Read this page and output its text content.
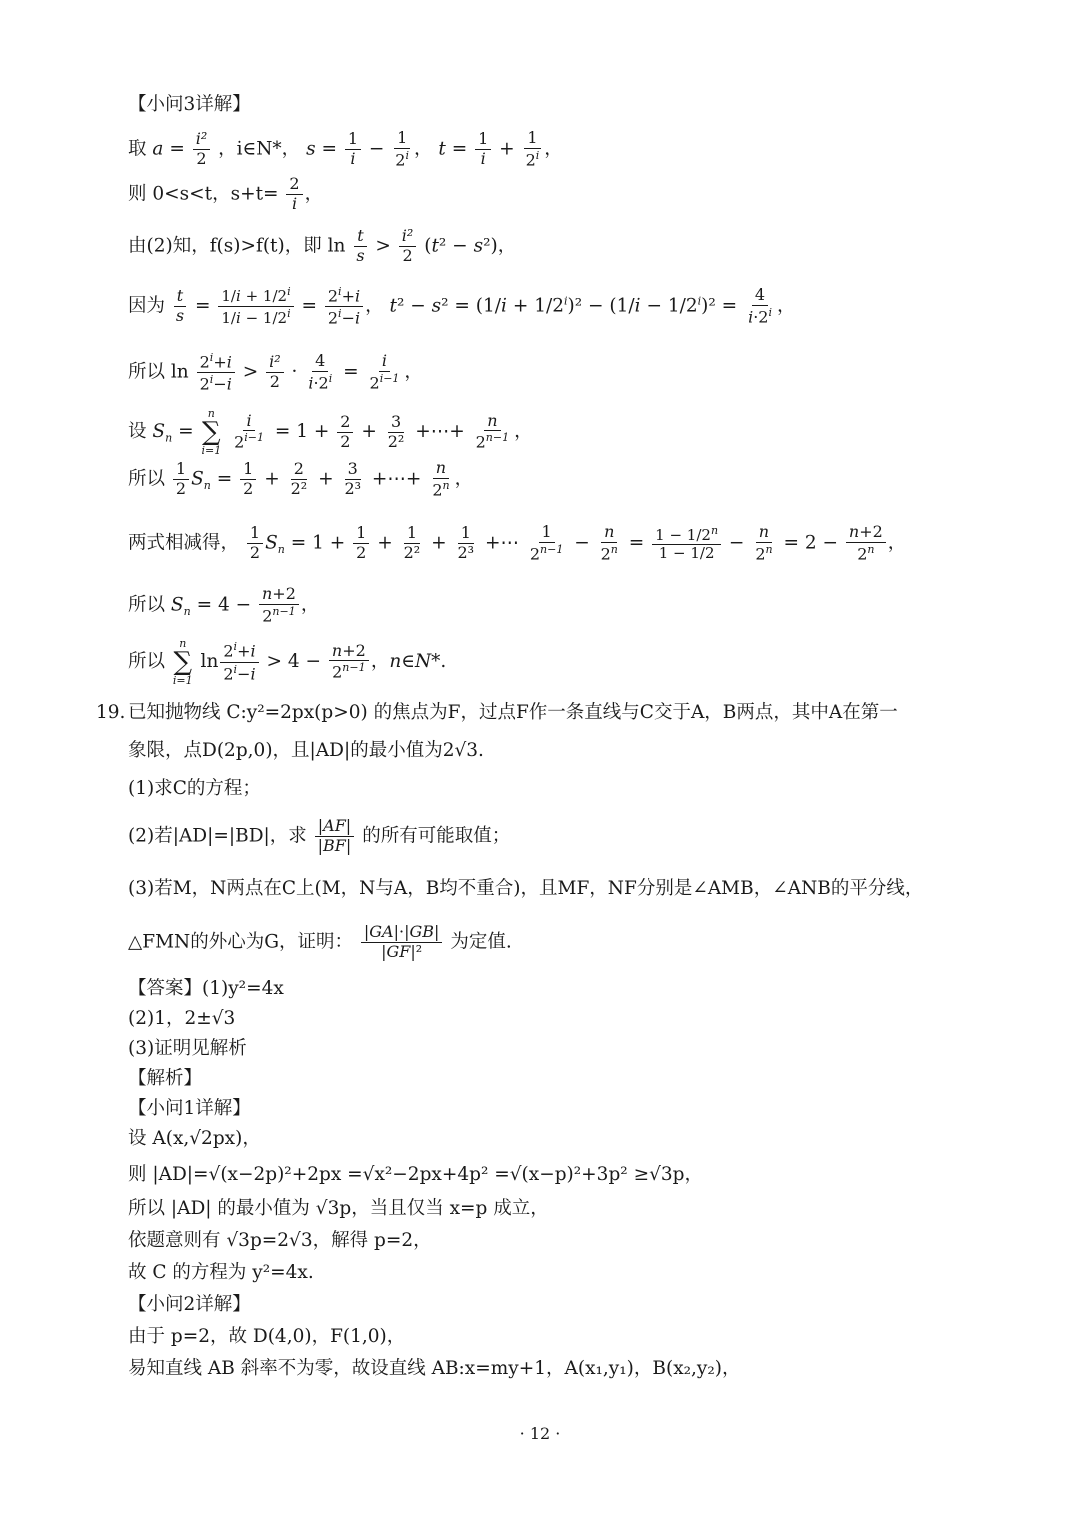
【小问3详解】
取 $a = \frac{\text{i²}}{2}$ ，i∈N*， $s = \frac{1}{i} - \frac{1}{2^i}$ ， $t = \frac{1}{i} + \frac{1}{2^i}$ ，
则 0<s<t，$s+t= \frac{2}{i}$ ，
由(2)知，f(s)>f(t)，即 $\ln \frac{t}{s} > \frac{\text{i²}}{2} (t^2 - s^2)$，
因为 $\frac{t}{s} = \frac{1/i + 1/2^i}{1/i - 1/2^i} = \frac{2^i+i}{2^i-i}$ ， $t^2 - s^2 = (1/i + 1/2^i)^2 - (1/i - 1/2^i)^2 = \frac{4}{i\cdot 2^i}$ ，
所以 $\ln \frac{2^i+i}{2^i-i} > \frac{\text{i²}}{2} \cdot \frac{4}{i\cdot 2^i} = \frac{i}{2^{i-1}}$ ，
设 $S_n$ =
n
∑
i=1
$\frac{i}{2^{i-1}} = 1 + \frac{2}{2} + \frac{3}{\text{2²}}$ +⋯+ $\frac{n}{2^{n-1}}$ ，
所以 $\frac{1}{2} S_n = \frac{1}{2} + \frac{2}{\text{2²}} + \frac{3}{\text{2³}}$ +⋯+ $\frac{n}{2^n}$ ，
两式相减得， $\frac{1}{2} S_n = 1 + \frac{1}{2} + \frac{1}{\text{2²}} + \frac{1}{\text{2³}}$ +⋯ $\frac{1}{2^{n-1}} - \frac{n}{2^n} = \frac{1 - 1/2^n}{1 - 1/2} - \frac{n}{2^n} = 2 - \frac{n+2}{2^n}$ ，
所以 $S_n = 4 - \frac{n+2}{2^{n-1}}$ ，
所以
n
∑
i=1
$\ln \frac{2^i+i}{2^i-i} > 4 - \frac{n+2}{2^{n-1}}$ ，n∈N*.
19. 已知抛物线 C:y²=2px(p>0) 的焦点为F，过点F作一条直线与C交于A，B两点，其中A在第一
象限，点D(2p,0)，且|AD|的最小值为2√3.
(1)求C的方程；
(2)若|AD|=|BD|，求 $\frac{|AF|}{|BF|}$ 的所有可能取值；
(3)若M，N两点在C上(M，N与A，B均不重合)，且MF，NF分别是∠AMB，∠ANB的平分线，
△FMN的外心为G，证明： $\frac{|GA|\cdot|GB|}{\text{|GF|²}}$ 为定值.
【答案】(1)y²=4x
(2)1，2±√3
(3)证明见解析
【解析】
【小问1详解】
设 A(x,√2px)，
则 |AD|=√(x−2p)²+2px =√x²−2px+4p² =√(x−p)²+3p² ≥√3p，
所以 |AD| 的最小值为 √3p，当且仅当 x=p 成立，
依题意则有 √3p=2√3，解得 p=2，
故 C 的方程为 y²=4x.
【小问2详解】
由于 p=2，故 D(4,0)，F(1,0)，
易知直线 AB 斜率不为零，故设直线 AB:x=my+1，A(x₁,y₁)，B(x₂,y₂)，
· 12 ·
